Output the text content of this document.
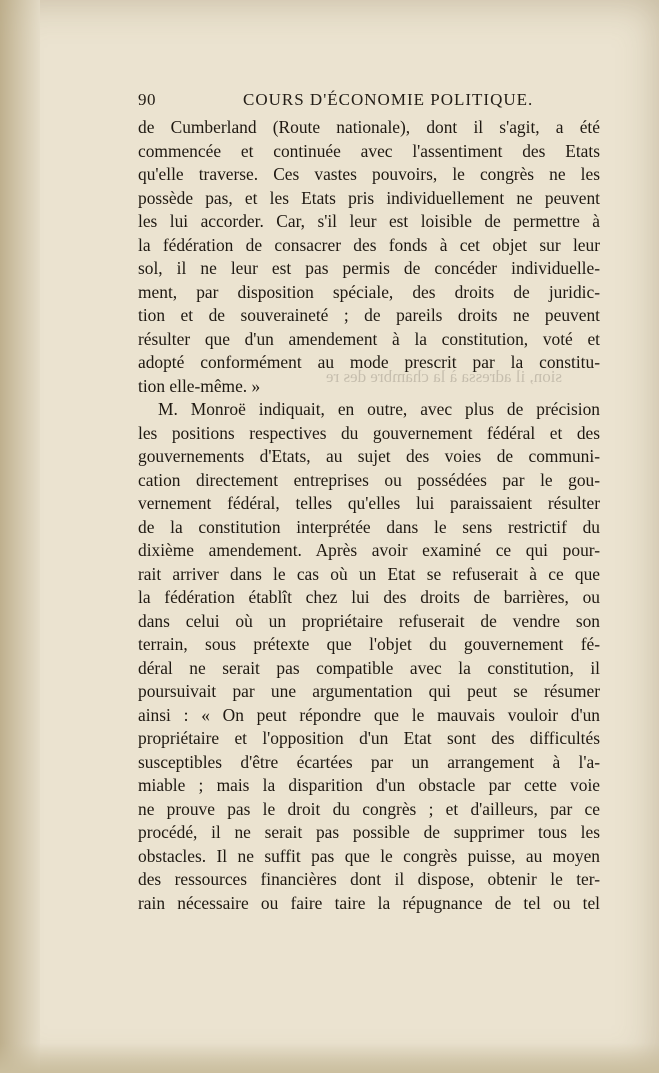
90	COURS D'ÉCONOMIE POLITIQUE.
sion, il adressa à la chambre des re
de Cumberland (Route nationale), dont il s'agit, a été
commencée et continuée avec l'assentiment des Etats
qu'elle traverse. Ces vastes pouvoirs, le congrès ne les
possède pas, et les Etats pris individuellement ne peuvent
les lui accorder. Car, s'il leur est loisible de permettre à
la fédération de consacrer des fonds à cet objet sur leur
sol, il ne leur est pas permis de concéder individuelle-
ment, par disposition spéciale, des droits de juridic-
tion et de souveraineté ; de pareils droits ne peuvent
résulter que d'un amendement à la constitution, voté et
adopté conformément au mode prescrit par la constitu-
tion elle-même. »
M. Monroë indiquait, en outre, avec plus de précision
les positions respectives du gouvernement fédéral et des
gouvernements d'Etats, au sujet des voies de communi-
cation directement entreprises ou possédées par le gou-
vernement fédéral, telles qu'elles lui paraissaient résulter
de la constitution interprétée dans le sens restrictif du
dixième amendement. Après avoir examiné ce qui pour-
rait arriver dans le cas où un Etat se refuserait à ce que
la fédération établît chez lui des droits de barrières, ou
dans celui où un propriétaire refuserait de vendre son
terrain, sous prétexte que l'objet du gouvernement fé-
déral ne serait pas compatible avec la constitution, il
poursuivait par une argumentation qui peut se résumer
ainsi : « On peut répondre que le mauvais vouloir d'un
propriétaire et l'opposition d'un Etat sont des difficultés
susceptibles d'être écartées par un arrangement à l'a-
miable ; mais la disparition d'un obstacle par cette voie
ne prouve pas le droit du congrès ; et d'ailleurs, par ce
procédé, il ne serait pas possible de supprimer tous les
obstacles. Il ne suffit pas que le congrès puisse, au moyen
des ressources financières dont il dispose, obtenir le ter-
rain nécessaire ou faire taire la répugnance de tel ou tel
